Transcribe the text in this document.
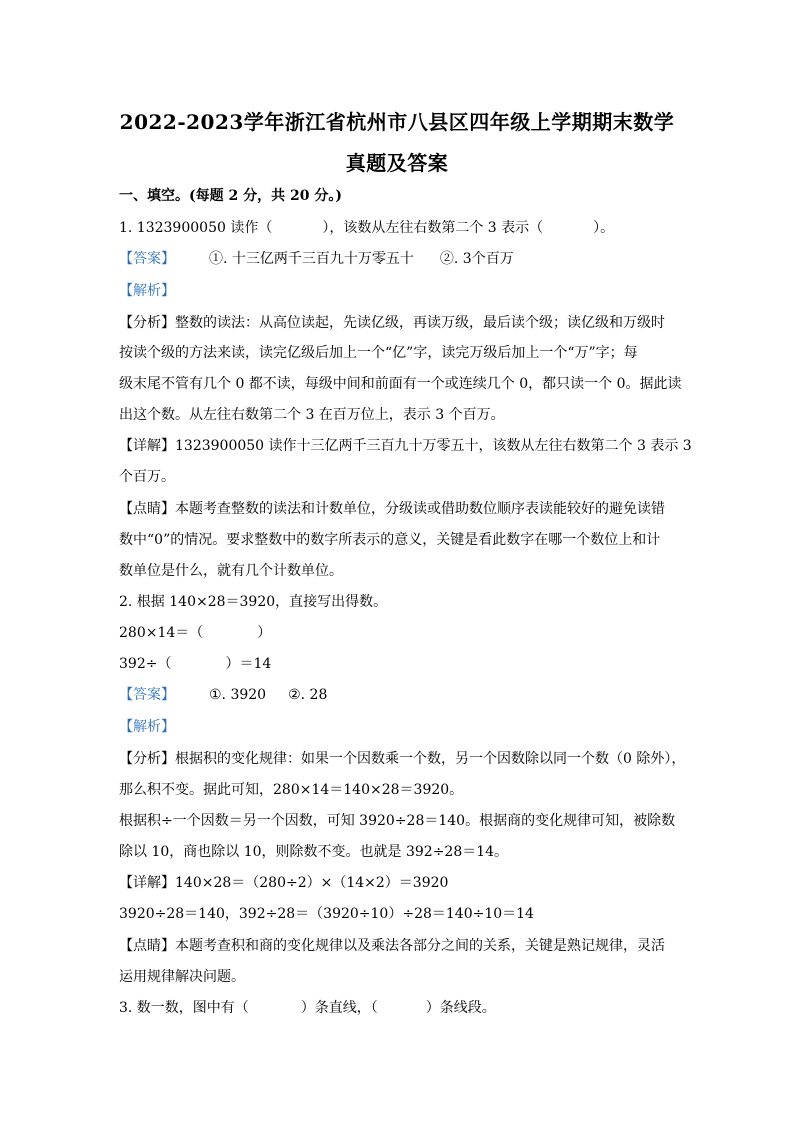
2022-2023学年浙江省杭州市八县区四年级上学期期末数学
真题及答案
一、填空。(每题 2 分，共 20 分。)
1. 1323900050 读作（	），该数从左往右数第二个 3 表示（	）。
【答案】 ①. 十三亿两千三百九十万零五十 ②. 3个百万
【解析】
【分析】整数的读法：从高位读起，先读亿级，再读万级，最后读个级；读亿级和万级时
按读个级的方法来读，读完亿级后加上一个“亿”字，读完万级后加上一个“万”字；每
级末尾不管有几个 0 都不读，每级中间和前面有一个或连续几个 0，都只读一个 0。据此读
出这个数。从左往右数第二个 3 在百万位上，表示 3 个百万。
【详解】1323900050 读作十三亿两千三百九十万零五十，该数从左往右数第二个 3 表示 3
个百万。
【点睛】本题考查整数的读法和计数单位，分级读或借助数位顺序表读能较好的避免读错
数中“0”的情况。要求整数中的数字所表示的意义，关键是看此数字在哪一个数位上和计
数单位是什么，就有几个计数单位。
2. 根据 140×28＝3920，直接写出得数。
280×14＝（	）
392÷（	）＝14
【答案】 ①. 3920 ②. 28
【解析】
【分析】根据积的变化规律：如果一个因数乘一个数，另一个因数除以同一个数（0 除外），
那么积不变。据此可知，280×14＝140×28＝3920。
根据积÷一个因数＝另一个因数，可知 3920÷28＝140。根据商的变化规律可知，被除数
除以 10，商也除以 10，则除数不变。也就是 392÷28＝14。
【详解】140×28＝（280÷2）×（14×2）＝3920
3920÷28＝140，392÷28＝（3920÷10）÷28＝140÷10＝14
【点睛】本题考查积和商的变化规律以及乘法各部分之间的关系，关键是熟记规律，灵活
运用规律解决问题。
3. 数一数，图中有（	）条直线，（	）条线段。
